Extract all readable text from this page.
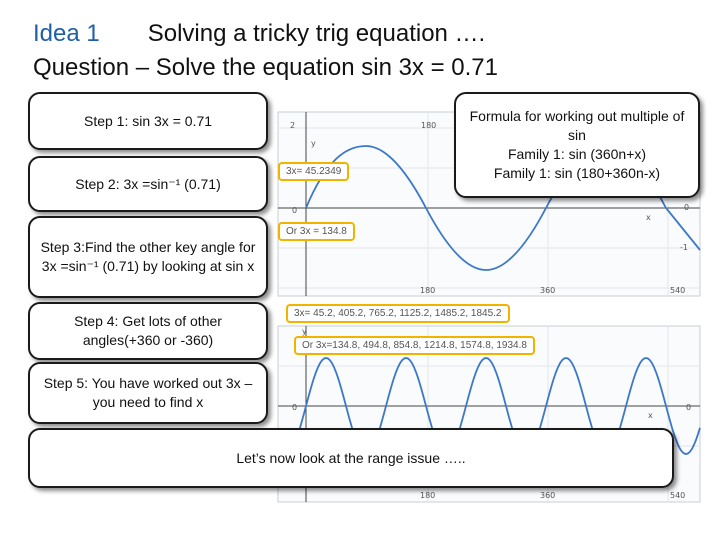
Idea 1 Solving a tricky trig equation ….
Question – Solve the equation sin 3x = 0.71
2
0
y
180
x
0
-1
180	360	540
y
0
x
0
180	360	540
Step 1: sin 3x = 0.71
Step 2: 3x =sin⁻¹ (0.71)
Step 3:Find the other key angle for 3x =sin⁻¹ (0.71) by looking at sin x
Step 4: Get lots of other angles(+360 or -360)
Step 5: You have worked out 3x – you need to find x
Formula for working out multiple of sin
Family 1: sin (360n+x)
Family 1: sin (180+360n-x)
3x= 45.2349
Or 3x = 134.8
3x= 45.2, 405.2, 765.2, 1125.2, 1485.2, 1845.2
Or 3x=134.8, 494.8, 854.8, 1214.8, 1574.8, 1934.8
Let’s now look at the range issue …..
